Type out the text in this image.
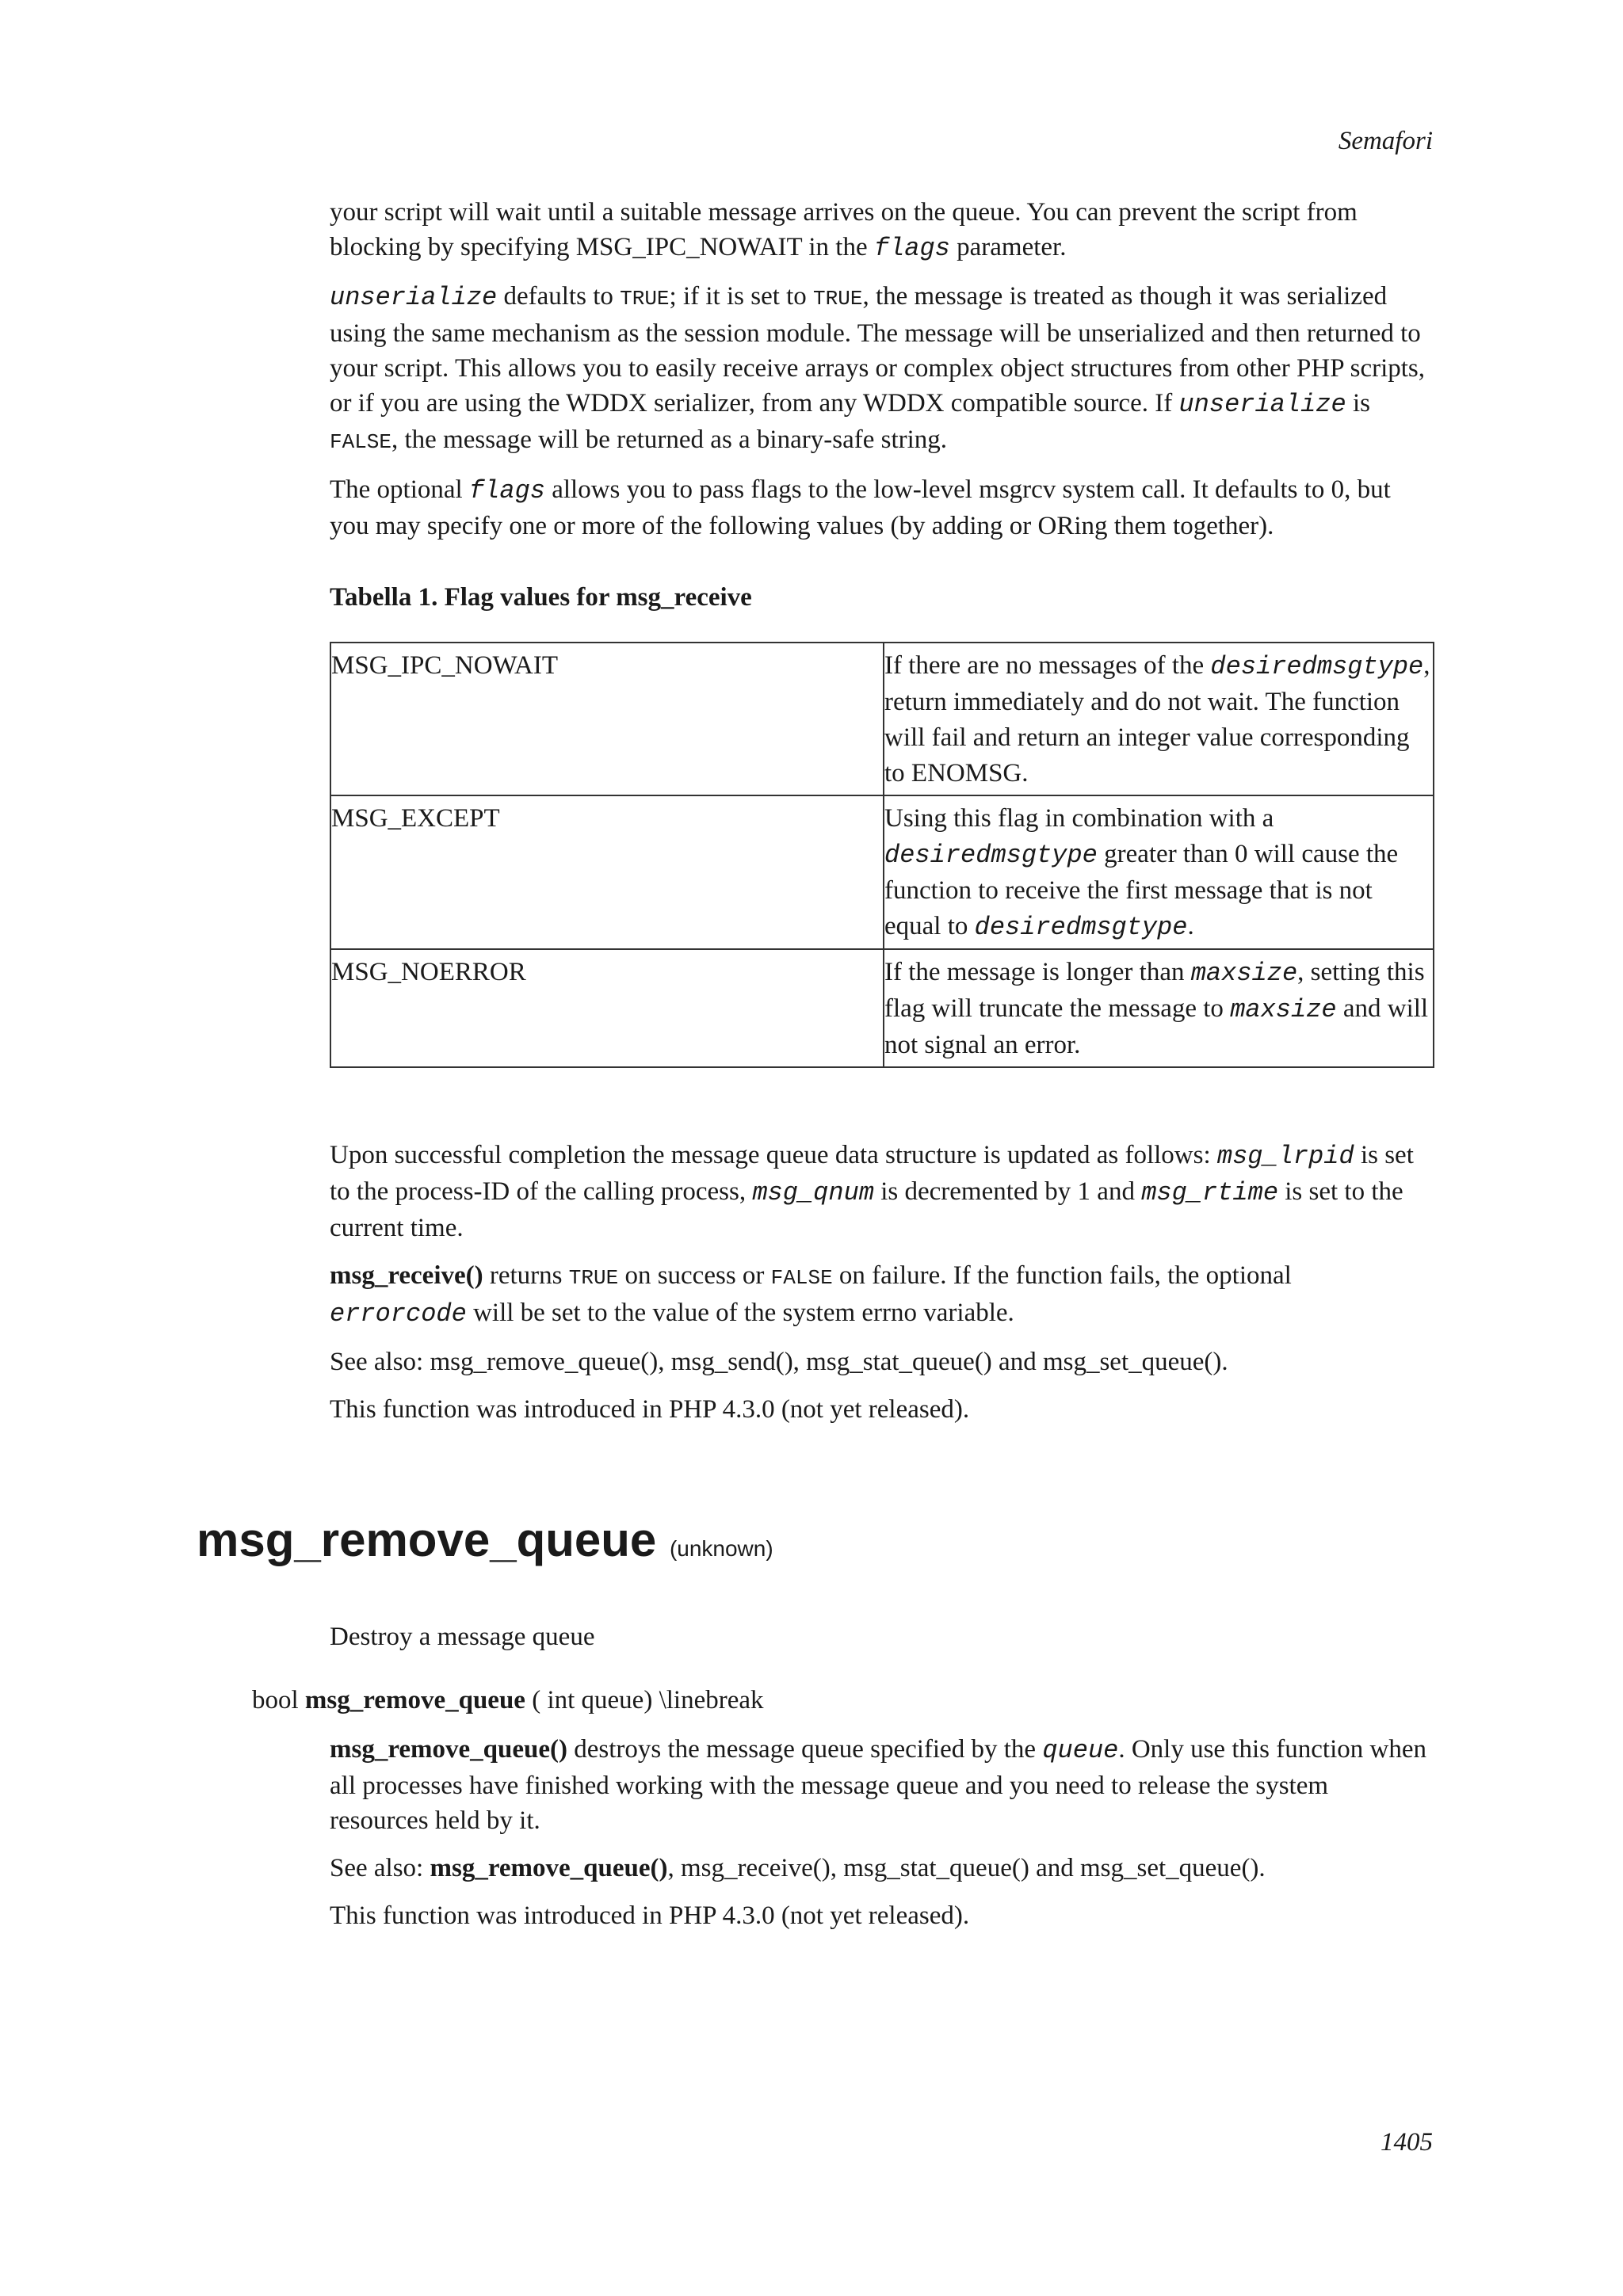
Semafori

your script will wait until a suitable message arrives on the queue. You can prevent the script from blocking by specifying MSG_IPC_NOWAIT in the flags parameter.

unserialize defaults to TRUE; if it is set to TRUE, the message is treated as though it was serialized using the same mechanism as the session module. The message will be unserialized and then returned to your script. This allows you to easily receive arrays or complex object structures from other PHP scripts, or if you are using the WDDX serializer, from any WDDX compatible source. If unserialize is FALSE, the message will be returned as a binary-safe string.

The optional flags allows you to pass flags to the low-level msgrcv system call. It defaults to 0, but you may specify one or more of the following values (by adding or ORing them together).

Tabella 1. Flag values for msg_receive
MSG_IPC_NOWAIT	If there are no messages of the desiredmsgtype, return immediately and do not wait. The function will fail and return an integer value corresponding to ENOMSG.
MSG_EXCEPT	Using this flag in combination with a desiredmsgtype greater than 0 will cause the function to receive the first message that is not equal to desiredmsgtype.
MSG_NOERROR	If the message is longer than maxsize, setting this flag will truncate the message to maxsize and will not signal an error.

Upon successful completion the message queue data structure is updated as follows: msg_lrpid is set to the process-ID of the calling process, msg_qnum is decremented by 1 and msg_rtime is set to the current time.

msg_receive() returns TRUE on success or FALSE on failure. If the function fails, the optional errorcode will be set to the value of the system errno variable.

See also: msg_remove_queue(), msg_send(), msg_stat_queue() and msg_set_queue().

This function was introduced in PHP 4.3.0 (not yet released).

msg_remove_queue (unknown)
Destroy a message queue
bool msg_remove_queue ( int queue) \linebreak

msg_remove_queue() destroys the message queue specified by the queue. Only use this function when all processes have finished working with the message queue and you need to release the system resources held by it.

See also: msg_remove_queue(), msg_receive(), msg_stat_queue() and msg_set_queue().

This function was introduced in PHP 4.3.0 (not yet released).

1405
